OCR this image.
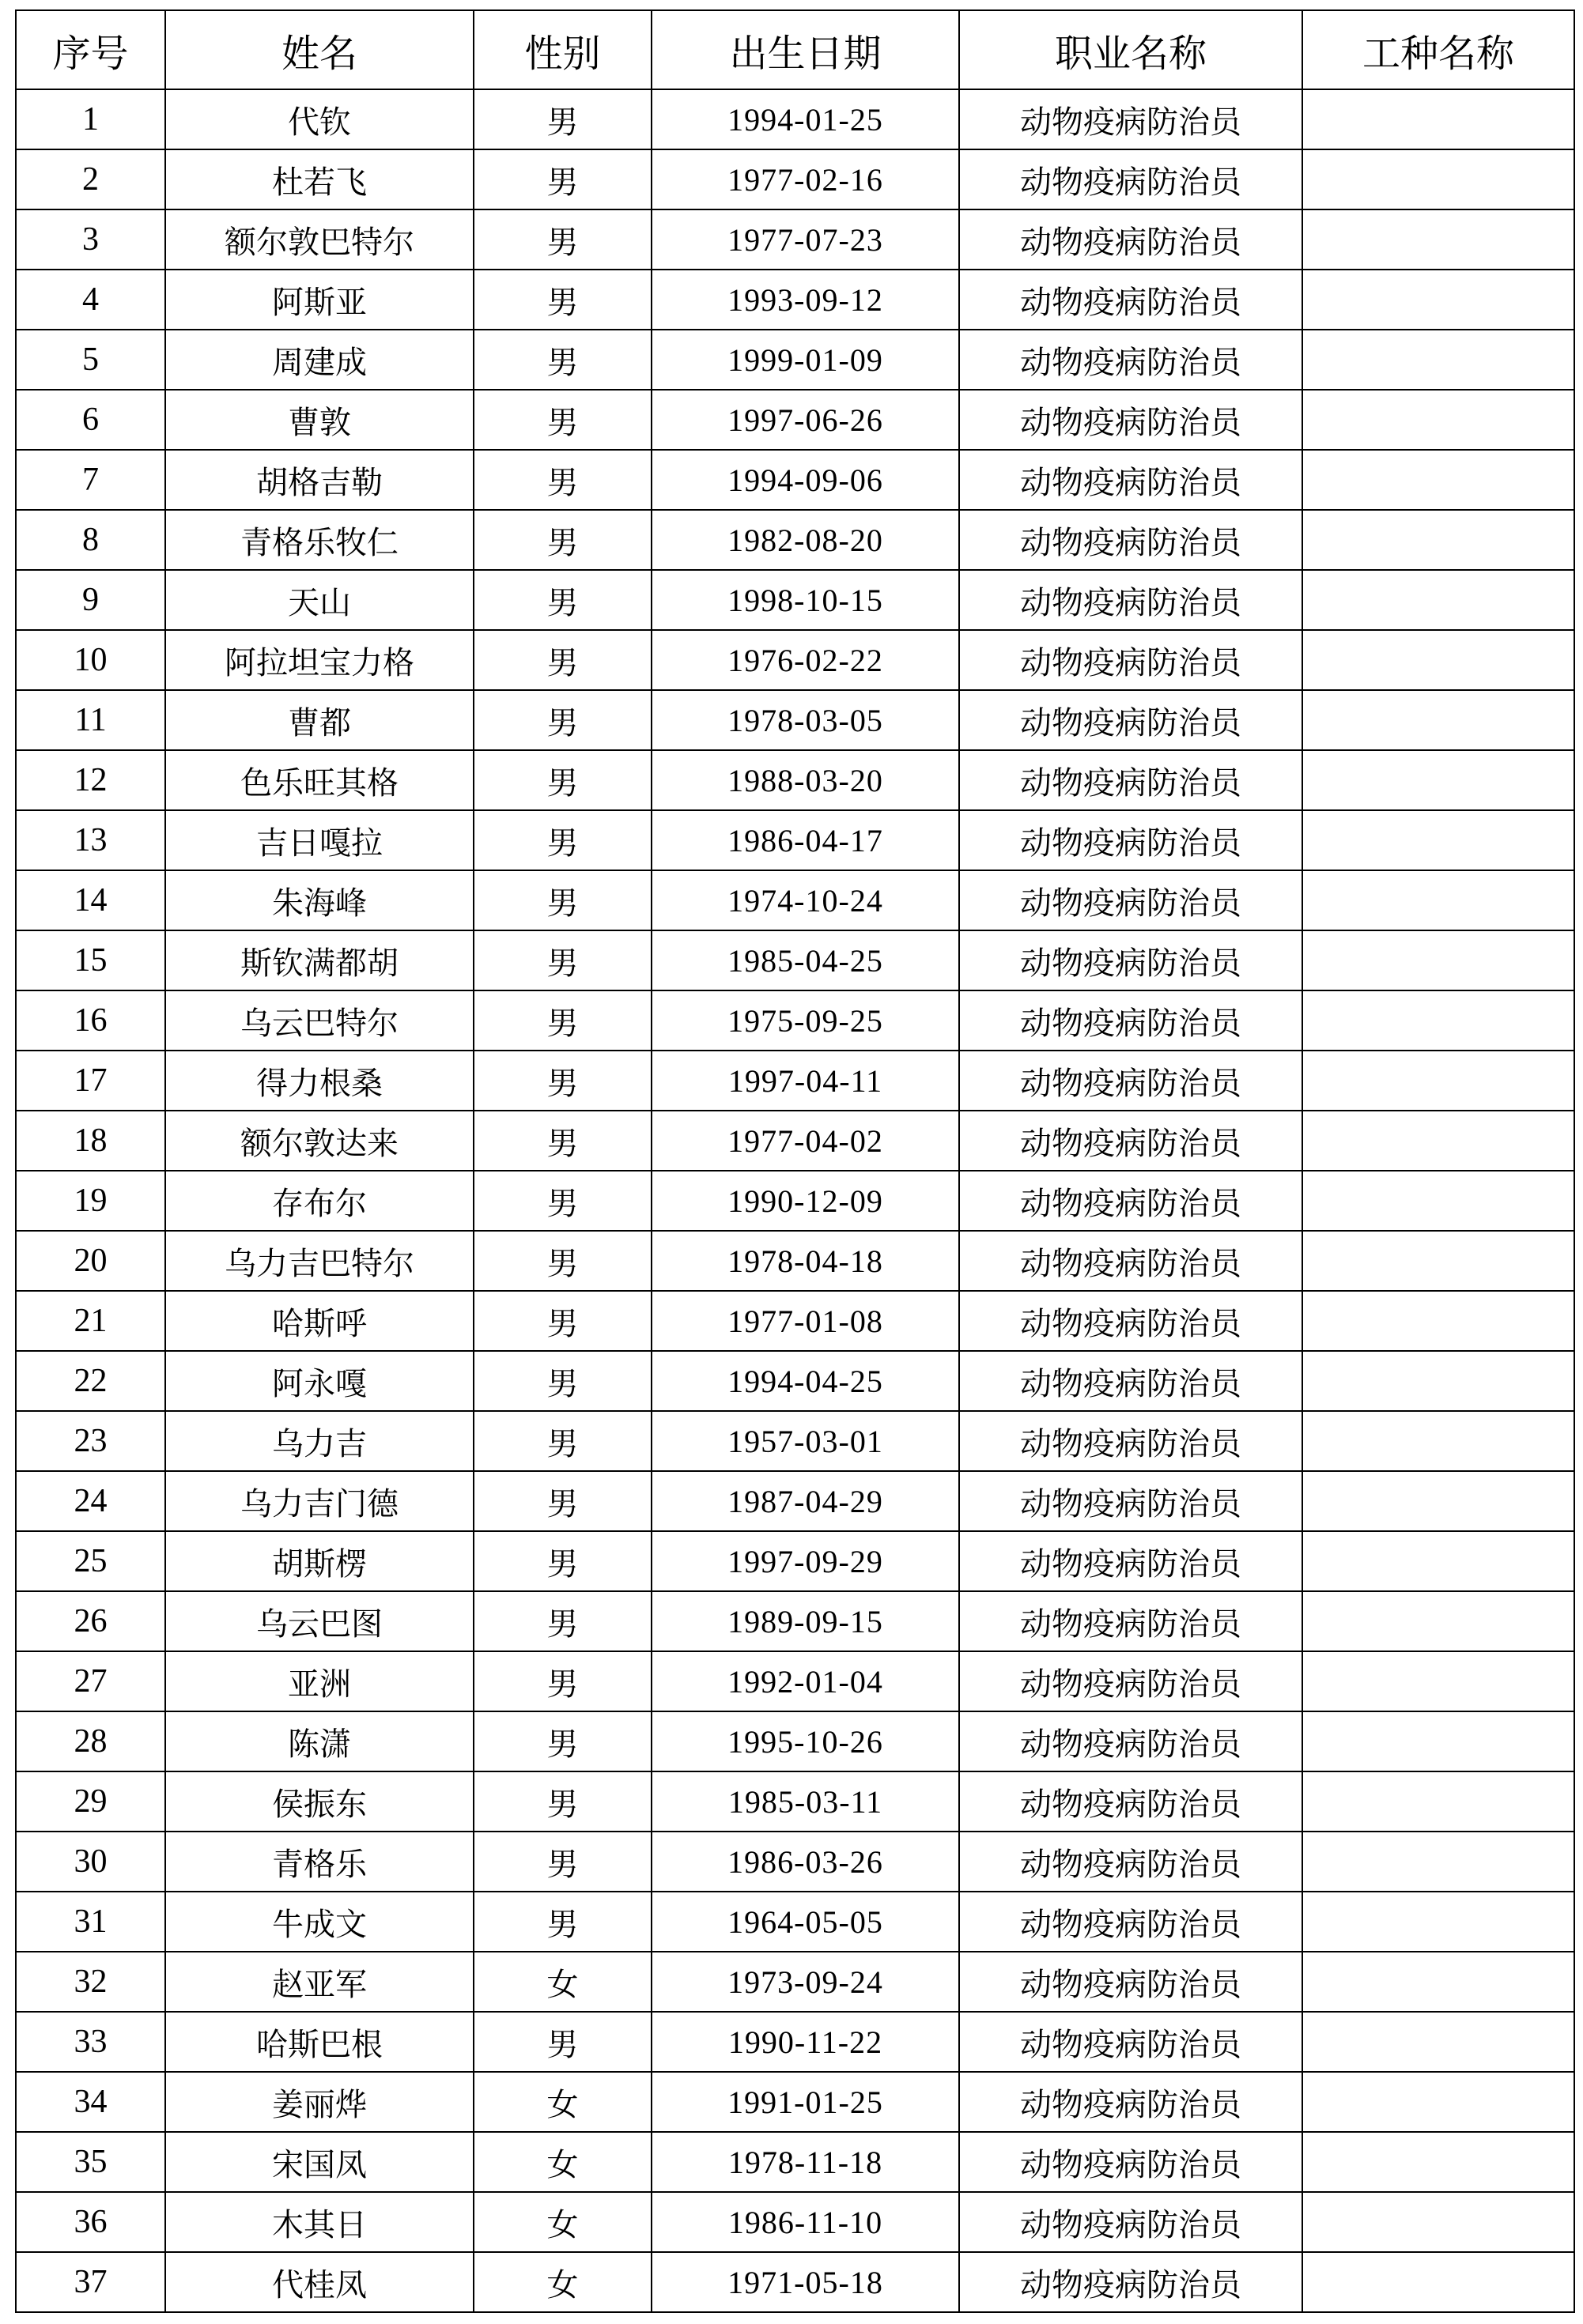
序号	姓名	性别	出生日期	职业名称	工种名称
1	代钦	男	1994-01-25	动物疫病防治员	
2	杜若飞	男	1977-02-16	动物疫病防治员	
3	额尔敦巴特尔	男	1977-07-23	动物疫病防治员	
4	阿斯亚	男	1993-09-12	动物疫病防治员	
5	周建成	男	1999-01-09	动物疫病防治员	
6	曹敦	男	1997-06-26	动物疫病防治员	
7	胡格吉勒	男	1994-09-06	动物疫病防治员	
8	青格乐牧仁	男	1982-08-20	动物疫病防治员	
9	天山	男	1998-10-15	动物疫病防治员	
10	阿拉坦宝力格	男	1976-02-22	动物疫病防治员	
11	曹都	男	1978-03-05	动物疫病防治员	
12	色乐旺其格	男	1988-03-20	动物疫病防治员	
13	吉日嘎拉	男	1986-04-17	动物疫病防治员	
14	朱海峰	男	1974-10-24	动物疫病防治员	
15	斯钦满都胡	男	1985-04-25	动物疫病防治员	
16	乌云巴特尔	男	1975-09-25	动物疫病防治员	
17	得力根桑	男	1997-04-11	动物疫病防治员	
18	额尔敦达来	男	1977-04-02	动物疫病防治员	
19	存布尔	男	1990-12-09	动物疫病防治员	
20	乌力吉巴特尔	男	1978-04-18	动物疫病防治员	
21	哈斯呼	男	1977-01-08	动物疫病防治员	
22	阿永嘎	男	1994-04-25	动物疫病防治员	
23	乌力吉	男	1957-03-01	动物疫病防治员	
24	乌力吉门德	男	1987-04-29	动物疫病防治员	
25	胡斯楞	男	1997-09-29	动物疫病防治员	
26	乌云巴图	男	1989-09-15	动物疫病防治员	
27	亚洲	男	1992-01-04	动物疫病防治员	
28	陈潇	男	1995-10-26	动物疫病防治员	
29	侯振东	男	1985-03-11	动物疫病防治员	
30	青格乐	男	1986-03-26	动物疫病防治员	
31	牛成文	男	1964-05-05	动物疫病防治员	
32	赵亚军	女	1973-09-24	动物疫病防治员	
33	哈斯巴根	男	1990-11-22	动物疫病防治员	
34	姜丽烨	女	1991-01-25	动物疫病防治员	
35	宋国凤	女	1978-11-18	动物疫病防治员	
36	木其日	女	1986-11-10	动物疫病防治员	
37	代桂凤	女	1971-05-18	动物疫病防治员	
